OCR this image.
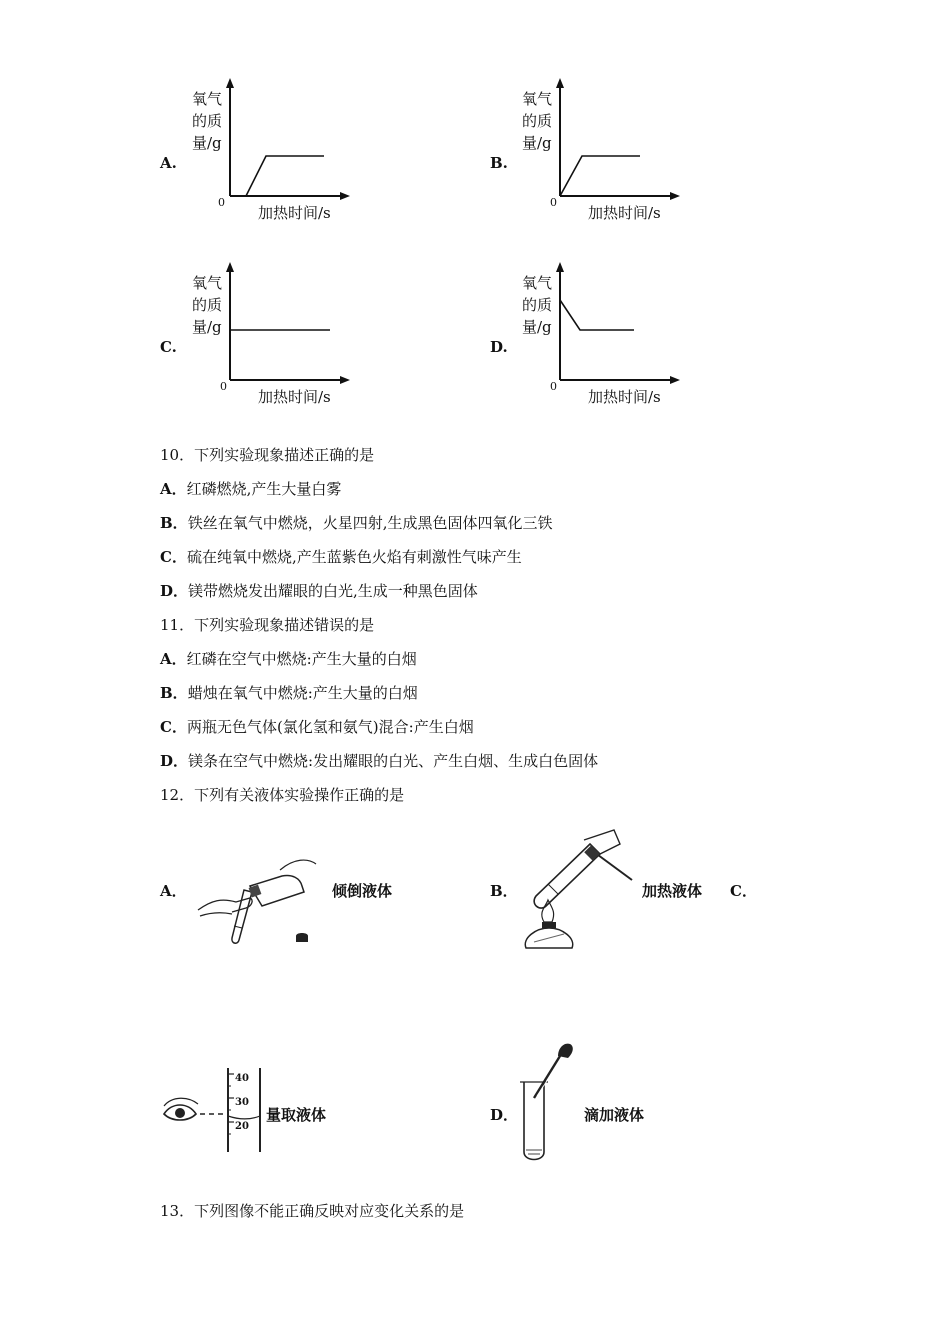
A.
氧气
的质
量/g
0
加热时间/s
B.
氧气
的质
量/g
0
加热时间/s
C.
氧气
的质
量/g
0
加热时间/s
D.
氧气
的质
量/g
0
加热时间/s
10．下列实验现象描述正确的是
A．红磷燃烧,产生大量白雾
B．铁丝在氧气中燃烧，火星四射,生成黑色固体四氧化三铁
C．硫在纯氧中燃烧,产生蓝紫色火焰有刺激性气味产生
D．镁带燃烧发出耀眼的白光,生成一种黑色固体
11．下列实验现象描述错误的是
A．红磷在空气中燃烧:产生大量的白烟
B．蜡烛在氧气中燃烧:产生大量的白烟
C．两瓶无色气体(氯化氢和氨气)混合:产生白烟
D．镁条在空气中燃烧:发出耀眼的白光、产生白烟、生成白色固体
12．下列有关液体实验操作正确的是
A．	倾倒液体	B．	加热液体 C．
40
30
20
量取液体	D．	滴加液体
13．下列图像不能正确反映对应变化关系的是
